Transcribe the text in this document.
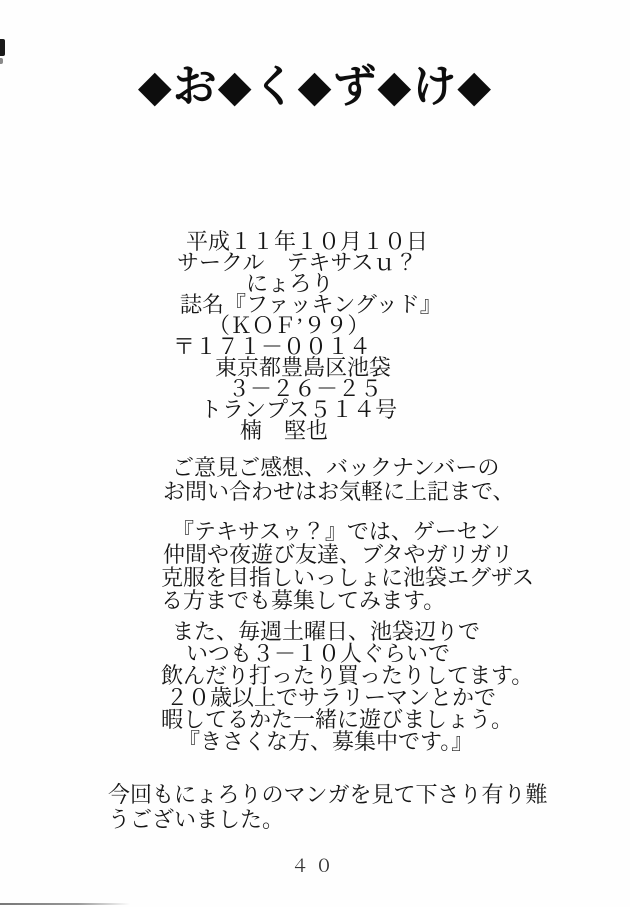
◆お◆く◆ず◆け◆
平成１１年１０月１０日
サークル　テキサスｕ？
にょろり
誌名『ファッキングッド』
（ＫＯＦ’９９）
〒１７１－００１４
東京都豊島区池袋
３－２６－２５
トランプス５１４号
楠　堅也
ご意見ご感想、バックナンバーの
お問い合わせはお気軽に上記まで、
『テキサスゥ？』では、ゲーセン
仲間や夜遊び友達、ブタやガリガリ
克服を目指しいっしょに池袋エグザス
る方までも募集してみます。
また、毎週土曜日、池袋辺りで
いつも３－１０人ぐらいで
飲んだり打ったり買ったりしてます。
２０歳以上でサラリーマンとかで
暇してるかた一緒に遊びましょう。
『きさくな方、募集中です。』
今回もにょろりのマンガを見て下さり有り難
うございました。
４０
